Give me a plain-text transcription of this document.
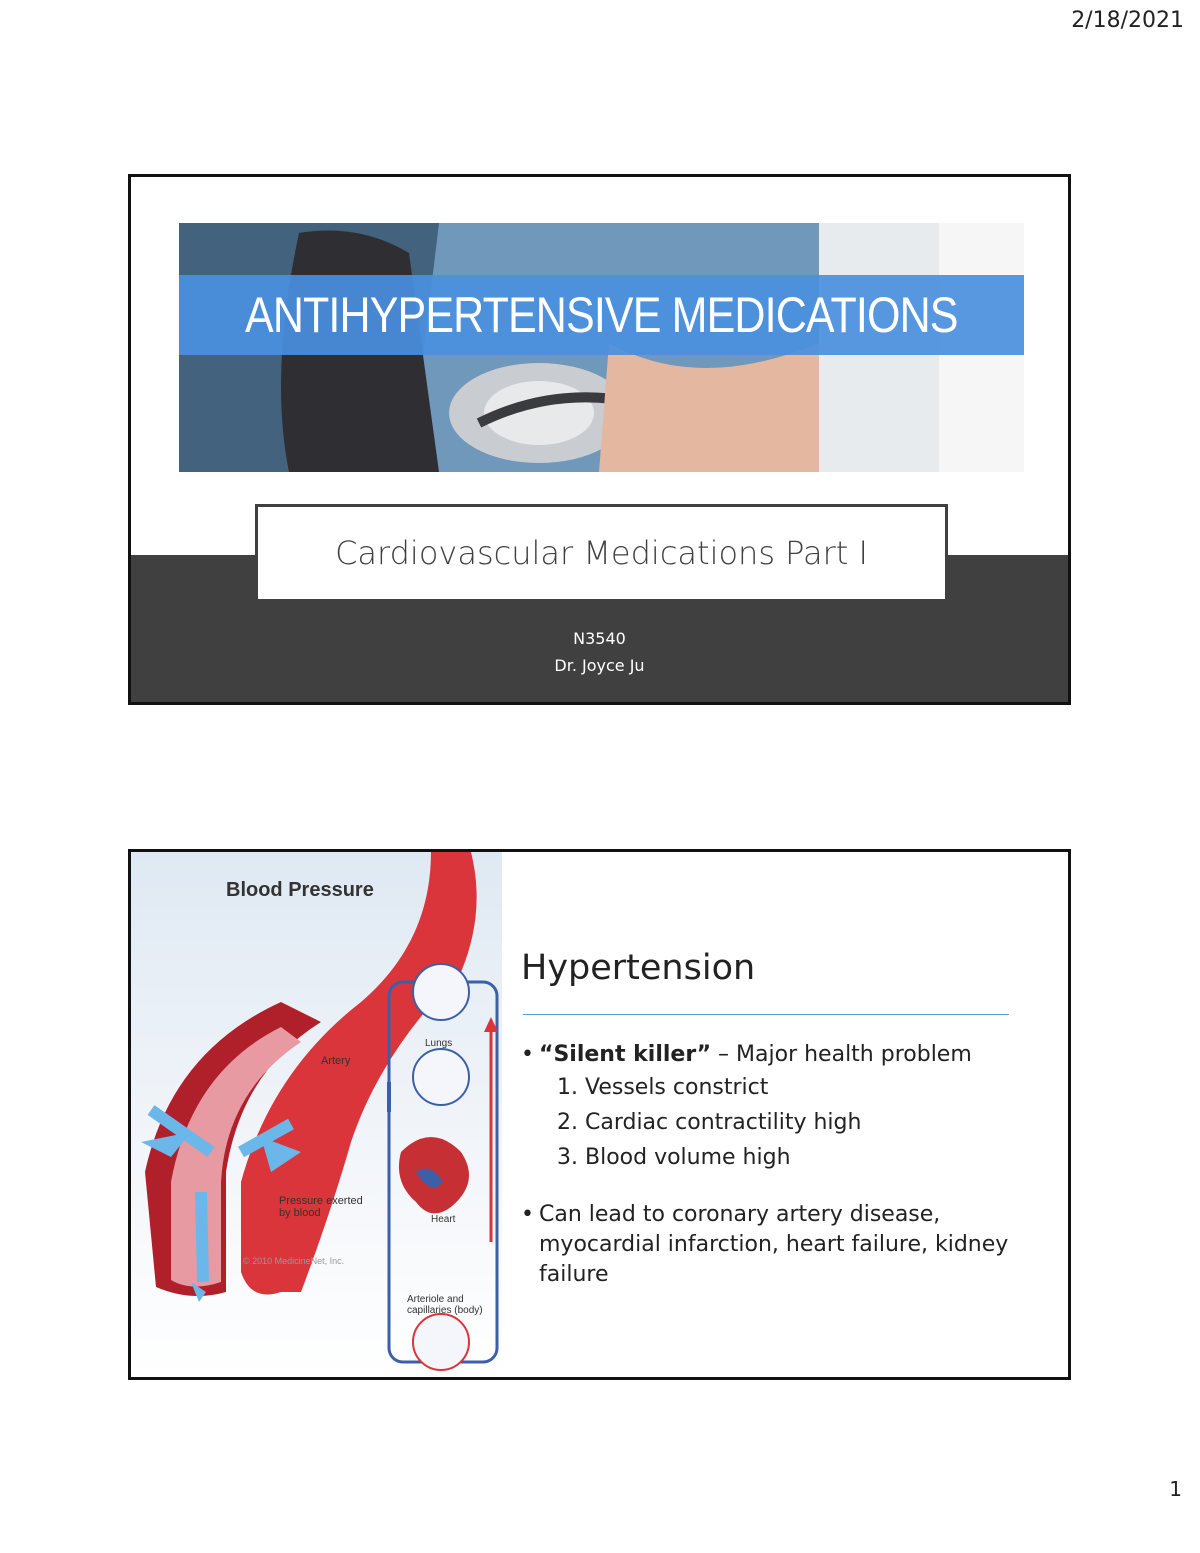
2/18/2021
ANTIHYPERTENSIVE MEDICATIONS
Cardiovascular Medications Part I
N3540
Dr. Joyce Ju
Blood Pressure
Artery
Pressure exerted
by blood
© 2010 MedicineNet, Inc.
Lungs
Heart
Arteriole and
capillaries (body)
Hypertension
• “Silent killer” – Major health problem
1. Vessels constrict
2. Cardiac contractility high
3. Blood volume high
• Can lead to coronary artery disease, myocardial infarction, heart failure, kidney failure
1
